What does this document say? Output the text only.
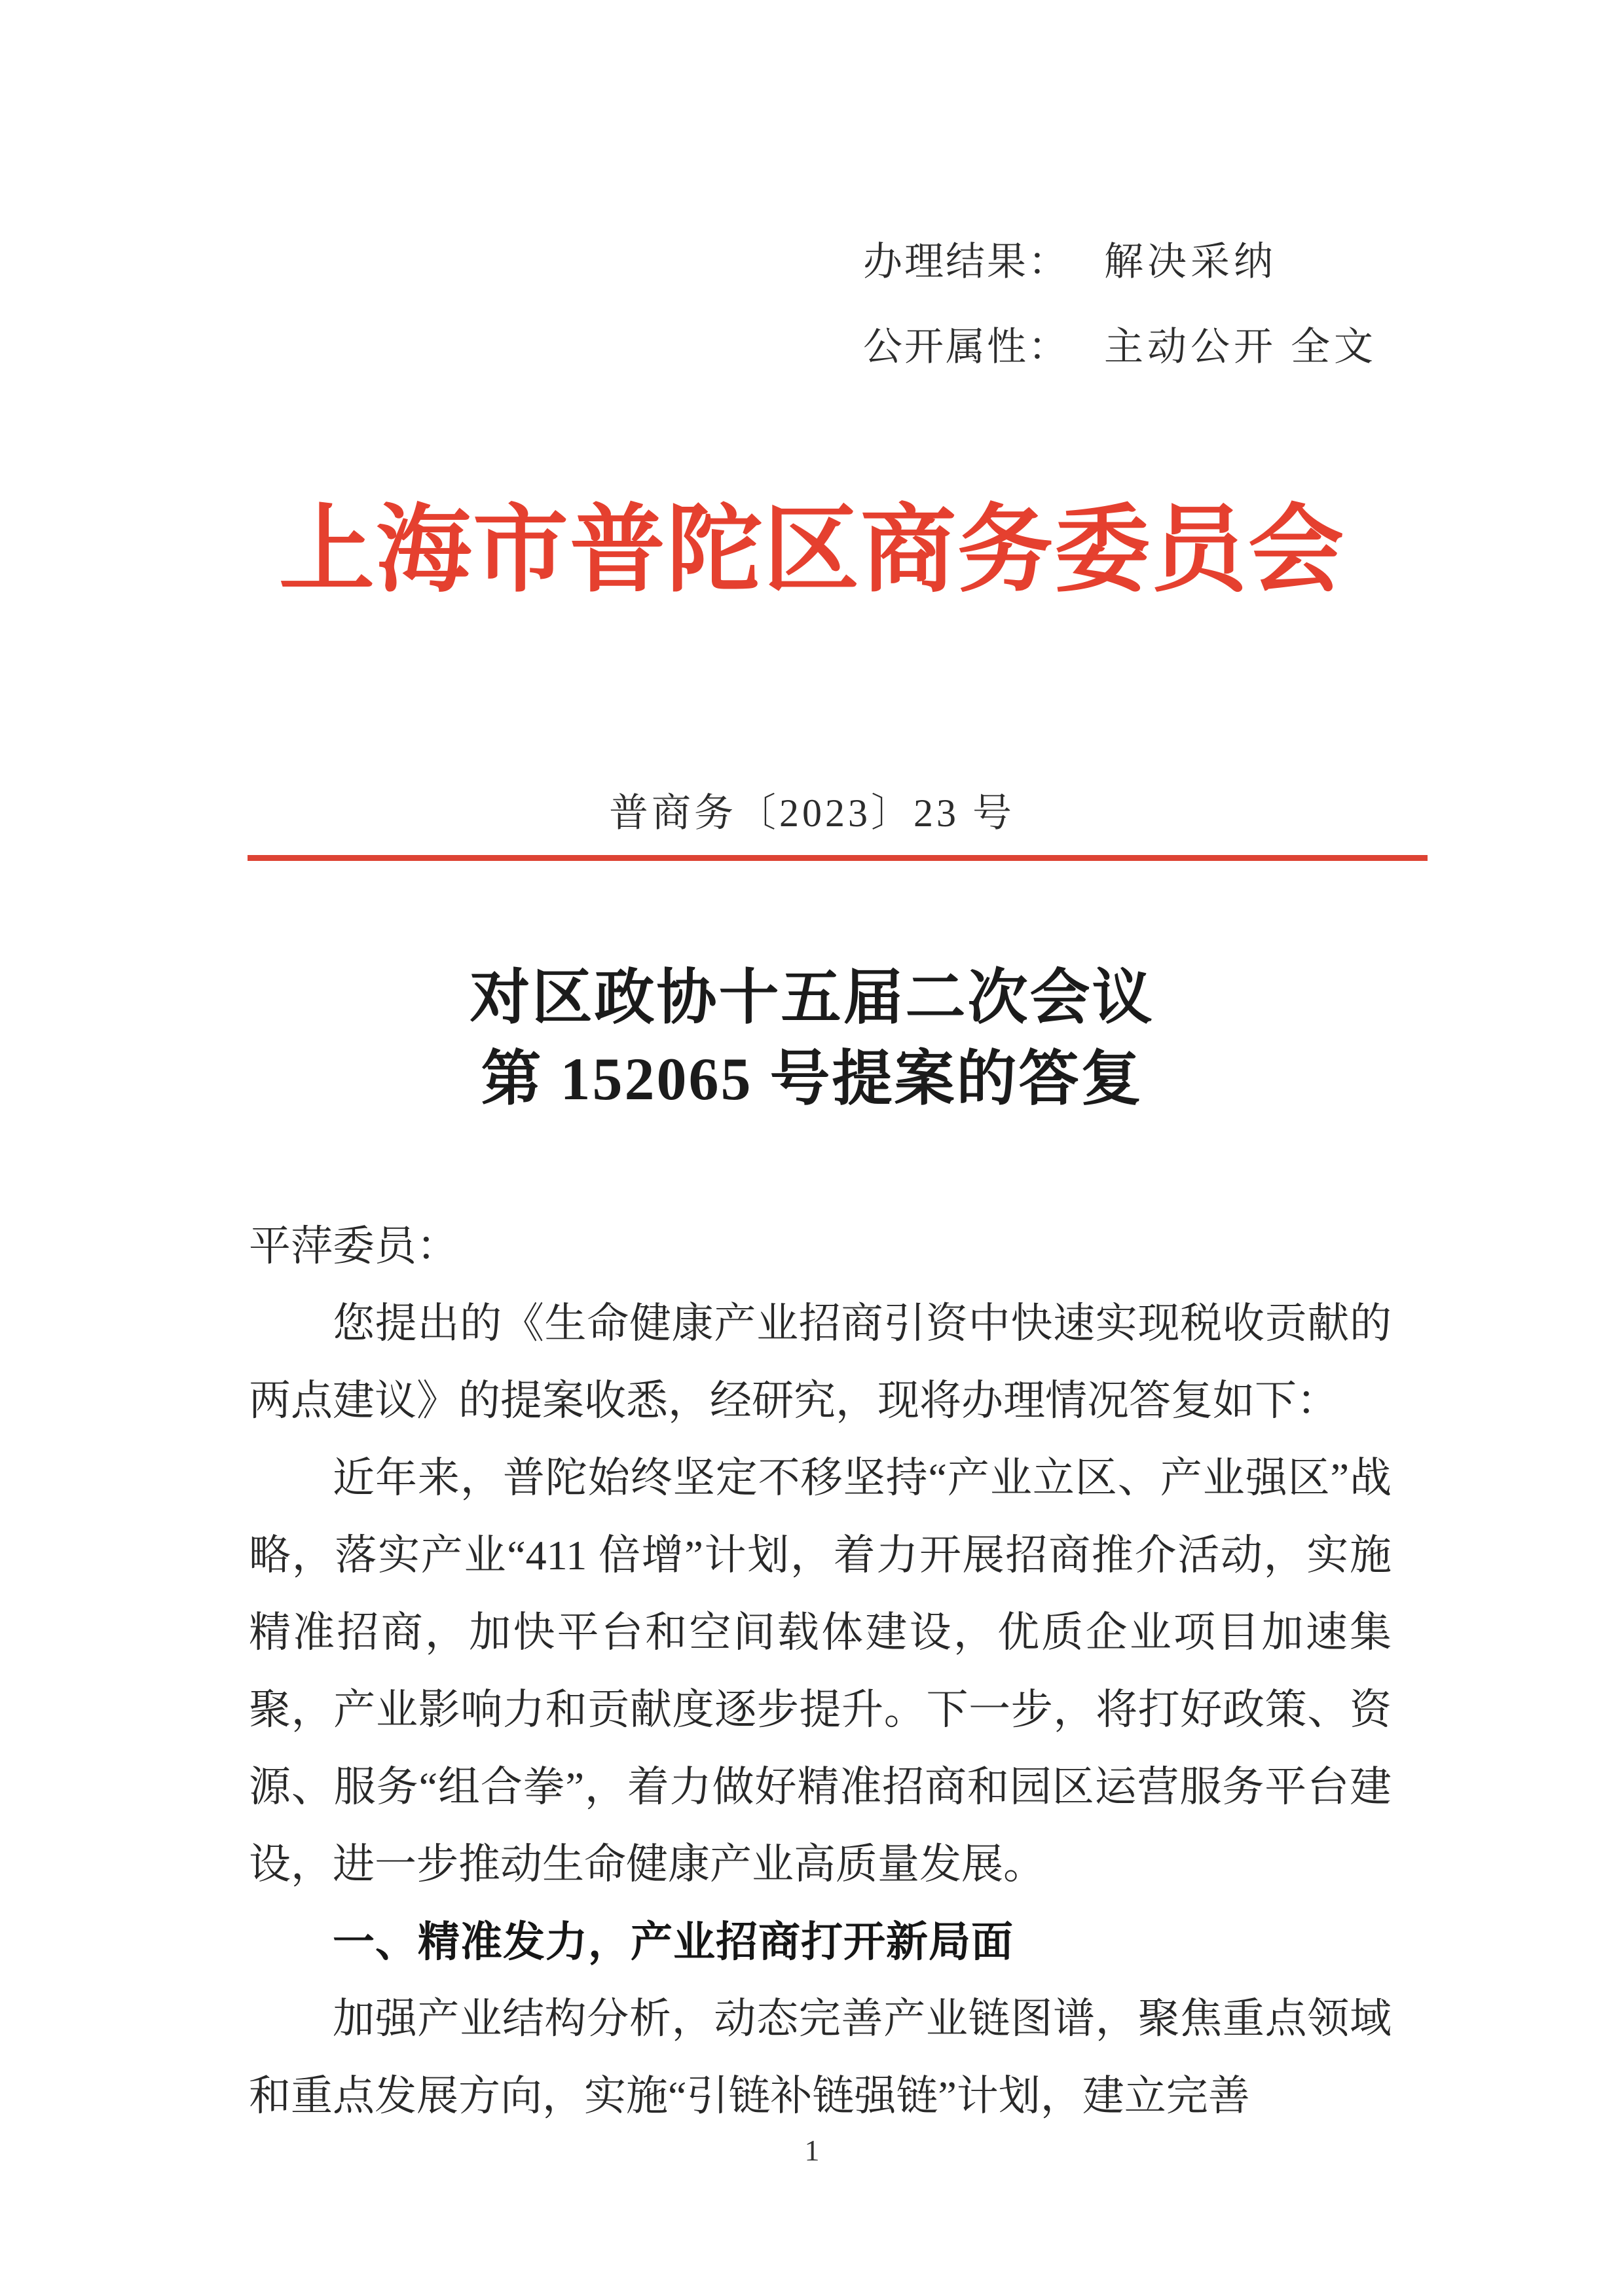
办理结果： 解决采纳
公开属性： 主动公开 全文
上海市普陀区商务委员会
普商务〔2023〕23 号
对区政协十五届二次会议
第 152065 号提案的答复

平萍委员：

您提出的《生命健康产业招商引资中快速实现税收贡献的两点建议》的提案收悉，经研究，现将办理情况答复如下：

近年来，普陀始终坚定不移坚持“产业立区、产业强区”战略，落实产业“411 倍增”计划，着力开展招商推介活动，实施精准招商，加快平台和空间载体建设，优质企业项目加速集聚，产业影响力和贡献度逐步提升。下一步，将打好政策、资源、服务“组合拳”，着力做好精准招商和园区运营服务平台建设，进一步推动生命健康产业高质量发展。

一、精准发力，产业招商打开新局面

加强产业结构分析，动态完善产业链图谱，聚焦重点领域和重点发展方向，实施“引链补链强链”计划，建立完善

1
